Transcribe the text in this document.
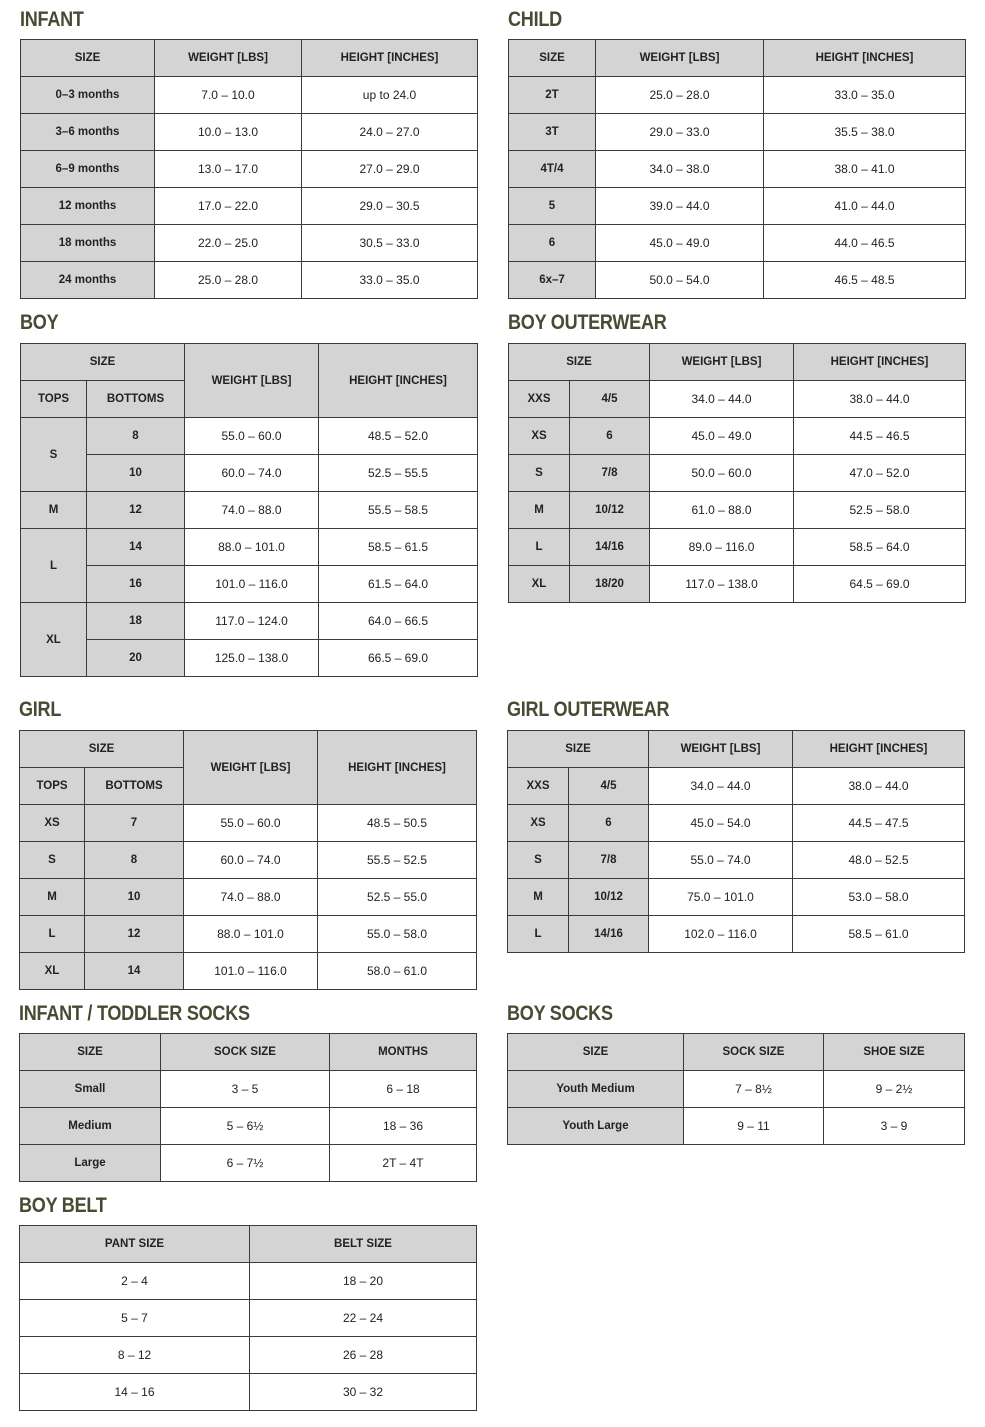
INFANT
SIZE	WEIGHT [LBS]	HEIGHT [INCHES]
0–3 months	7.0 – 10.0	up to 24.0
3–6 months	10.0 – 13.0	24.0 – 27.0
6–9 months	13.0 – 17.0	27.0 – 29.0
12 months	17.0 – 22.0	29.0 – 30.5
18 months	22.0 – 25.0	30.5 – 33.0
24 months	25.0 – 28.0	33.0 – 35.0
CHILD
SIZE	WEIGHT [LBS]	HEIGHT [INCHES]
2T	25.0 – 28.0	33.0 – 35.0
3T	29.0 – 33.0	35.5 – 38.0
4T/4	34.0 – 38.0	38.0 – 41.0
5	39.0 – 44.0	41.0 – 44.0
6	45.0 – 49.0	44.0 – 46.5
6x–7	50.0 – 54.0	46.5 – 48.5
BOY
SIZE		WEIGHT [LBS]	HEIGHT [INCHES]
TOPS	BOTTOMS		
S	8	55.0 – 60.0	48.5 – 52.0
	10	60.0 – 74.0	52.5 – 55.5
M	12	74.0 – 88.0	55.5 – 58.5
L	14	88.0 – 101.0	58.5 – 61.5
	16	101.0 – 116.0	61.5 – 64.0
XL	18	117.0 – 124.0	64.0 – 66.5
	20	125.0 – 138.0	66.5 – 69.0
BOY OUTERWEAR
SIZE		WEIGHT [LBS]	HEIGHT [INCHES]
XXS	4/5	34.0 – 44.0	38.0 – 44.0
XS	6	45.0 – 49.0	44.5 – 46.5
S	7/8	50.0 – 60.0	47.0 – 52.0
M	10/12	61.0 – 88.0	52.5 – 58.0
L	14/16	89.0 – 116.0	58.5 – 64.0
XL	18/20	117.0 – 138.0	64.5 – 69.0
GIRL
SIZE		WEIGHT [LBS]	HEIGHT [INCHES]
TOPS	BOTTOMS		
XS	7	55.0 – 60.0	48.5 – 50.5
S	8	60.0 – 74.0	55.5 – 52.5
M	10	74.0 – 88.0	52.5 – 55.0
L	12	88.0 – 101.0	55.0 – 58.0
XL	14	101.0 – 116.0	58.0 – 61.0
GIRL OUTERWEAR
SIZE		WEIGHT [LBS]	HEIGHT [INCHES]
XXS	4/5	34.0 – 44.0	38.0 – 44.0
XS	6	45.0 – 54.0	44.5 – 47.5
S	7/8	55.0 – 74.0	48.0 – 52.5
M	10/12	75.0 – 101.0	53.0 – 58.0
L	14/16	102.0 – 116.0	58.5 – 61.0
INFANT / TODDLER SOCKS
SIZE	SOCK SIZE	MONTHS
Small	3 – 5	6 – 18
Medium	5 – 6½	18 – 36
Large	6 – 7½	2T – 4T
BOY SOCKS
SIZE	SOCK SIZE	SHOE SIZE
Youth Medium	7 – 8½	9 – 2½
Youth Large	9 – 11	3 – 9
BOY BELT
PANT SIZE	BELT SIZE
2 – 4	18 – 20
5 – 7	22 – 24
8 – 12	26 – 28
14 – 16	30 – 32
